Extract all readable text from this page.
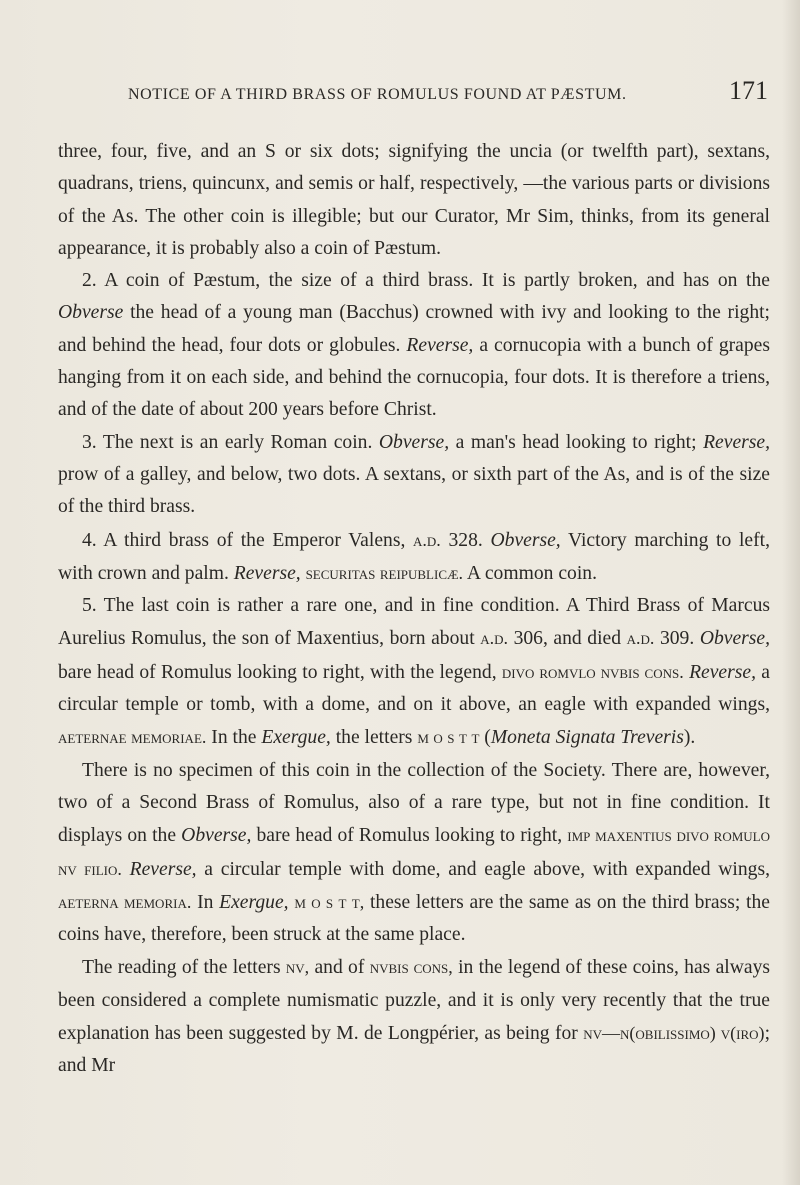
NOTICE OF A THIRD BRASS OF ROMULUS FOUND AT PÆSTUM.	171

three, four, five, and an S or six dots; signifying the uncia (or twelfth part), sextans, quadrans, triens, quincunx, and semis or half, respectively, —the various parts or divisions of the As. The other coin is illegible; but our Curator, Mr Sim, thinks, from its general appearance, it is probably also a coin of Pæstum.

2. A coin of Pæstum, the size of a third brass. It is partly broken, and has on the Obverse the head of a young man (Bacchus) crowned with ivy and looking to the right; and behind the head, four dots or globules. Reverse, a cornucopia with a bunch of grapes hanging from it on each side, and behind the cornucopia, four dots. It is therefore a triens, and of the date of about 200 years before Christ.

3. The next is an early Roman coin. Obverse, a man's head looking to right; Reverse, prow of a galley, and below, two dots. A sextans, or sixth part of the As, and is of the size of the third brass.

4. A third brass of the Emperor Valens, a.d. 328. Obverse, Victory marching to left, with crown and palm. Reverse, securitas reipublicæ. A common coin.

5. The last coin is rather a rare one, and in fine condition. A Third Brass of Marcus Aurelius Romulus, the son of Maxentius, born about a.d. 306, and died a.d. 309. Obverse, bare head of Romulus looking to right, with the legend, divo romvlo nvbis cons. Reverse, a circular temple or tomb, with a dome, and on it above, an eagle with expanded wings, aeternae memoriae. In the Exergue, the letters m o s t t (Moneta Signata Treveris).

There is no specimen of this coin in the collection of the Society. There are, however, two of a Second Brass of Romulus, also of a rare type, but not in fine condition. It displays on the Obverse, bare head of Romulus looking to right, imp maxentius divo romulo nv filio. Reverse, a circular temple with dome, and eagle above, with expanded wings, aeterna memoria. In Exergue, m o s t t, these letters are the same as on the third brass; the coins have, therefore, been struck at the same place.

The reading of the letters nv, and of nvbis cons, in the legend of these coins, has always been considered a complete numismatic puzzle, and it is only very recently that the true explanation has been suggested by M. de Longpérier, as being for nv—n(obilissimo) v(iro); and Mr
